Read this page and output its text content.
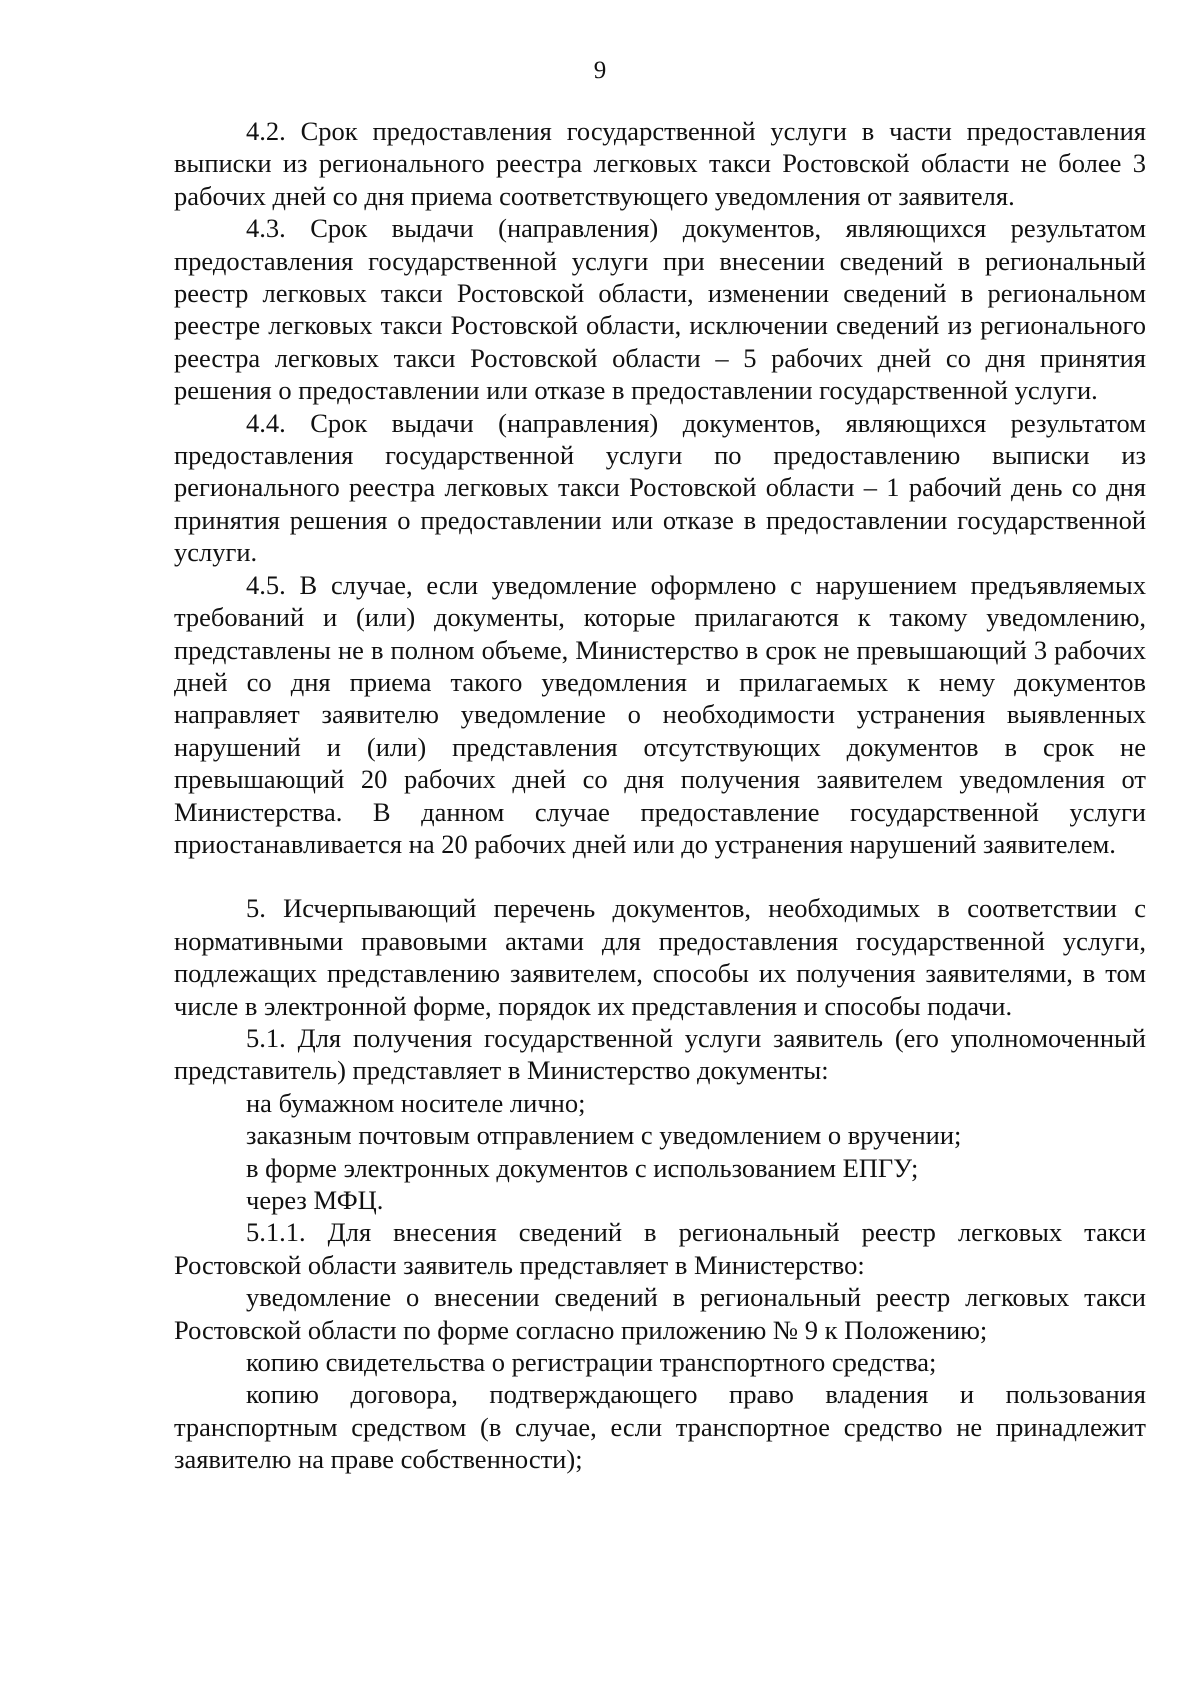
9

4.2. Срок предоставления государственной услуги в части предоставления выписки из регионального реестра легковых такси Ростовской области не более 3 рабочих дней со дня приема соответствующего уведомления от заявителя.

4.3. Срок выдачи (направления) документов, являющихся результатом предоставления государственной услуги при внесении сведений в региональный реестр легковых такси Ростовской области, изменении сведений в региональном реестре легковых такси Ростовской области, исключении сведений из регионального реестра легковых такси Ростовской области – 5 рабочих дней со дня принятия решения о предоставлении или отказе в предоставлении государственной услуги.

4.4. Срок выдачи (направления) документов, являющихся результатом предоставления государственной услуги по предоставлению выписки из регионального реестра легковых такси Ростовской области – 1 рабочий день со дня принятия решения о предоставлении или отказе в предоставлении государственной услуги.

4.5. В случае, если уведомление оформлено с нарушением предъявляемых требований и (или) документы, которые прилагаются к такому уведомлению, представлены не в полном объеме, Министерство в срок не превышающий 3 рабочих дней со дня приема такого уведомления и прилагаемых к нему документов направляет заявителю уведомление о необходимости устранения выявленных нарушений и (или) представления отсутствующих документов в срок не превышающий 20 рабочих дней со дня получения заявителем уведомления от Министерства. В данном случае предоставление государственной услуги приостанавливается на 20 рабочих дней или до устранения нарушений заявителем.

5. Исчерпывающий перечень документов, необходимых в соответствии с нормативными правовыми актами для предоставления государственной услуги, подлежащих представлению заявителем, способы их получения заявителями, в том числе в электронной форме, порядок их представления и способы подачи.

5.1. Для получения государственной услуги заявитель (его уполномоченный представитель) представляет в Министерство документы:

на бумажном носителе лично;

заказным почтовым отправлением с уведомлением о вручении;

в форме электронных документов с использованием ЕПГУ;

через МФЦ.

5.1.1. Для внесения сведений в региональный реестр легковых такси Ростовской области заявитель представляет в Министерство:

уведомление о внесении сведений в региональный реестр легковых такси Ростовской области по форме согласно приложению № 9 к Положению;

копию свидетельства о регистрации транспортного средства;

копию договора, подтверждающего право владения и пользования транспортным средством (в случае, если транспортное средство не принадлежит заявителю на праве собственности);
